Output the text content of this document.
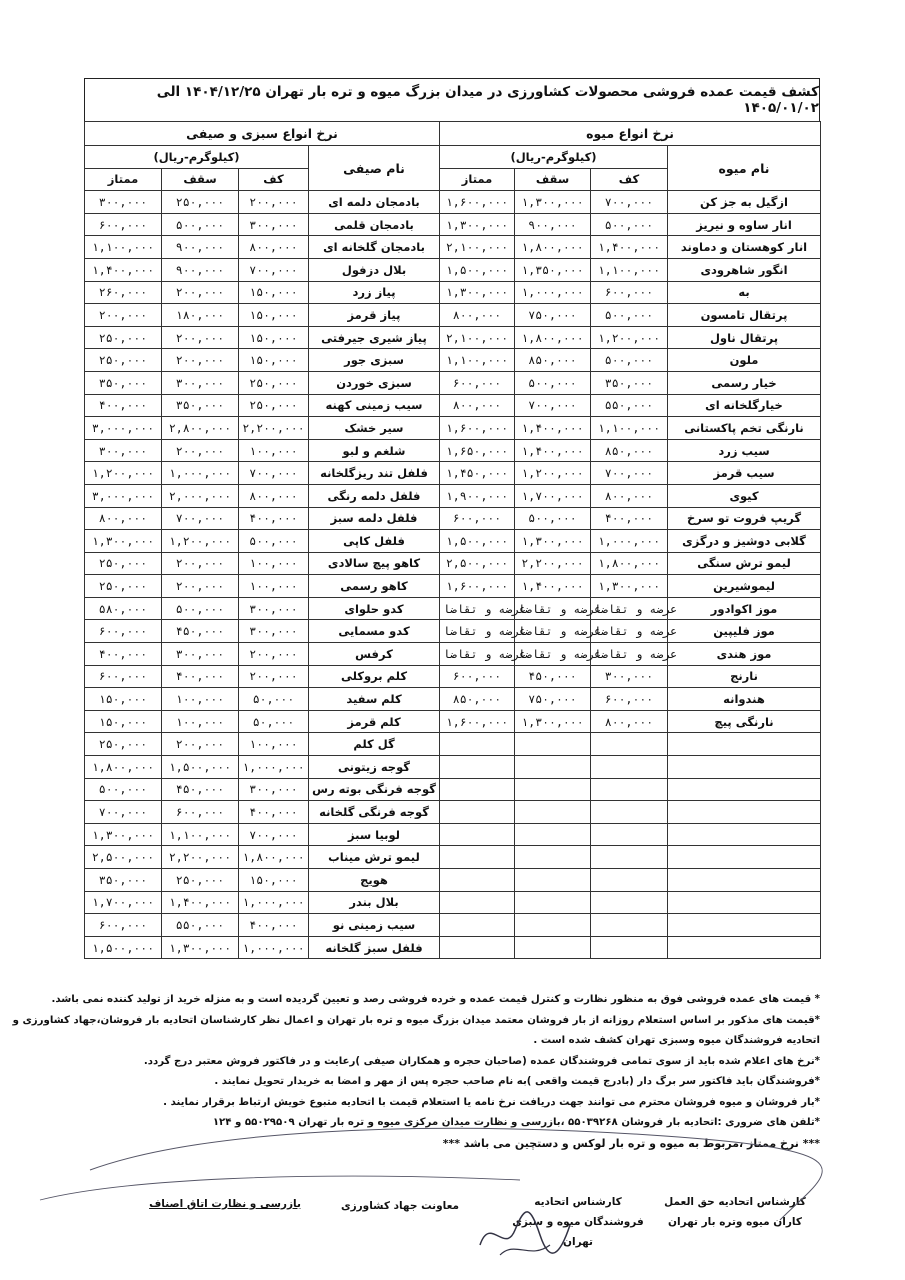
کشف قیمت عمده فروشی محصولات کشاورزی در میدان بزرگ میوه و تره بار تهران ۱۴۰۴/۱۲/۲۵ الی ۱۴۰۵/۰۱/۰۲
نرخ انواع سبزی و صیفی				نرخ انواع میوه			
(کیلوگرم-ریال)			نام صیفی	(کیلوگرم-ریال)			نام میوه
ممتاز	سقف	کف		ممتاز	سقف	کف	
۳۰۰,۰۰۰	۲۵۰,۰۰۰	۲۰۰,۰۰۰	بادمجان دلمه ای	۱,۶۰۰,۰۰۰	۱,۳۰۰,۰۰۰	۷۰۰,۰۰۰	ازگیل به جز کن
۶۰۰,۰۰۰	۵۰۰,۰۰۰	۳۰۰,۰۰۰	بادمجان قلمی	۱,۳۰۰,۰۰۰	۹۰۰,۰۰۰	۵۰۰,۰۰۰	انار ساوه و نیریز
۱,۱۰۰,۰۰۰	۹۰۰,۰۰۰	۸۰۰,۰۰۰	بادمجان گلخانه ای	۲,۱۰۰,۰۰۰	۱,۸۰۰,۰۰۰	۱,۴۰۰,۰۰۰	انار کوهستان و دماوند
۱,۴۰۰,۰۰۰	۹۰۰,۰۰۰	۷۰۰,۰۰۰	بلال دزفول	۱,۵۰۰,۰۰۰	۱,۳۵۰,۰۰۰	۱,۱۰۰,۰۰۰	انگور شاهرودی
۲۶۰,۰۰۰	۲۰۰,۰۰۰	۱۵۰,۰۰۰	پیاز زرد	۱,۳۰۰,۰۰۰	۱,۰۰۰,۰۰۰	۶۰۰,۰۰۰	به
۲۰۰,۰۰۰	۱۸۰,۰۰۰	۱۵۰,۰۰۰	پیاز قرمز	۸۰۰,۰۰۰	۷۵۰,۰۰۰	۵۰۰,۰۰۰	پرتقال تامسون
۲۵۰,۰۰۰	۲۰۰,۰۰۰	۱۵۰,۰۰۰	پیاز شیری جیرفتی	۲,۱۰۰,۰۰۰	۱,۸۰۰,۰۰۰	۱,۲۰۰,۰۰۰	پرتقال ناول
۲۵۰,۰۰۰	۲۰۰,۰۰۰	۱۵۰,۰۰۰	سبزی جور	۱,۱۰۰,۰۰۰	۸۵۰,۰۰۰	۵۰۰,۰۰۰	ملون
۳۵۰,۰۰۰	۳۰۰,۰۰۰	۲۵۰,۰۰۰	سبزی خوردن	۶۰۰,۰۰۰	۵۰۰,۰۰۰	۳۵۰,۰۰۰	خیار رسمی
۴۰۰,۰۰۰	۳۵۰,۰۰۰	۲۵۰,۰۰۰	سیب زمینی کهنه	۸۰۰,۰۰۰	۷۰۰,۰۰۰	۵۵۰,۰۰۰	خیارگلخانه ای
۳,۰۰۰,۰۰۰	۲,۸۰۰,۰۰۰	۲,۲۰۰,۰۰۰	سیر خشک	۱,۶۰۰,۰۰۰	۱,۴۰۰,۰۰۰	۱,۱۰۰,۰۰۰	نارنگی تخم پاکستانی
۳۰۰,۰۰۰	۲۰۰,۰۰۰	۱۰۰,۰۰۰	شلغم و لبو	۱,۶۵۰,۰۰۰	۱,۴۰۰,۰۰۰	۸۵۰,۰۰۰	سیب زرد
۱,۲۰۰,۰۰۰	۱,۰۰۰,۰۰۰	۷۰۰,۰۰۰	فلفل تند ریزگلخانه	۱,۴۵۰,۰۰۰	۱,۲۰۰,۰۰۰	۷۰۰,۰۰۰	سیب قرمز
۳,۰۰۰,۰۰۰	۲,۰۰۰,۰۰۰	۸۰۰,۰۰۰	فلفل دلمه رنگی	۱,۹۰۰,۰۰۰	۱,۷۰۰,۰۰۰	۸۰۰,۰۰۰	کیوی
۸۰۰,۰۰۰	۷۰۰,۰۰۰	۴۰۰,۰۰۰	فلفل دلمه سبز	۶۰۰,۰۰۰	۵۰۰,۰۰۰	۴۰۰,۰۰۰	گریپ فروت تو سرخ
۱,۳۰۰,۰۰۰	۱,۲۰۰,۰۰۰	۵۰۰,۰۰۰	فلفل کاپی	۱,۵۰۰,۰۰۰	۱,۳۰۰,۰۰۰	۱,۰۰۰,۰۰۰	گلابی دوشیز و درگزی
۲۵۰,۰۰۰	۲۰۰,۰۰۰	۱۰۰,۰۰۰	کاهو پیچ سالادی	۲,۵۰۰,۰۰۰	۲,۲۰۰,۰۰۰	۱,۸۰۰,۰۰۰	لیمو ترش سنگی
۲۵۰,۰۰۰	۲۰۰,۰۰۰	۱۰۰,۰۰۰	کاهو رسمی	۱,۶۰۰,۰۰۰	۱,۴۰۰,۰۰۰	۱,۳۰۰,۰۰۰	لیموشیرین
۵۸۰,۰۰۰	۵۰۰,۰۰۰	۳۰۰,۰۰۰	کدو حلوای	عرضه و تقاضا	عرضه و تقاضا	عرضه و تقاضا	موز اکوادور
۶۰۰,۰۰۰	۴۵۰,۰۰۰	۳۰۰,۰۰۰	کدو مسمایی	عرضه و تقاضا	عرضه و تقاضا	عرضه و تقاضا	موز فلیپین
۴۰۰,۰۰۰	۳۰۰,۰۰۰	۲۰۰,۰۰۰	کرفس	عرضه و تقاضا	عرضه و تقاضا	عرضه و تقاضا	موز هندی
۶۰۰,۰۰۰	۴۰۰,۰۰۰	۲۰۰,۰۰۰	کلم بروکلی	۶۰۰,۰۰۰	۴۵۰,۰۰۰	۳۰۰,۰۰۰	نارنج
۱۵۰,۰۰۰	۱۰۰,۰۰۰	۵۰,۰۰۰	کلم سفید	۸۵۰,۰۰۰	۷۵۰,۰۰۰	۶۰۰,۰۰۰	هندوانه
۱۵۰,۰۰۰	۱۰۰,۰۰۰	۵۰,۰۰۰	کلم قرمز	۱,۶۰۰,۰۰۰	۱,۳۰۰,۰۰۰	۸۰۰,۰۰۰	نارنگی پیچ
۲۵۰,۰۰۰	۲۰۰,۰۰۰	۱۰۰,۰۰۰	گل کلم				
۱,۸۰۰,۰۰۰	۱,۵۰۰,۰۰۰	۱,۰۰۰,۰۰۰	گوجه زیتونی				
۵۰۰,۰۰۰	۴۵۰,۰۰۰	۳۰۰,۰۰۰	گوجه فرنگی بوته رس				
۷۰۰,۰۰۰	۶۰۰,۰۰۰	۴۰۰,۰۰۰	گوجه فرنگی گلخانه				
۱,۳۰۰,۰۰۰	۱,۱۰۰,۰۰۰	۷۰۰,۰۰۰	لوبیا سبز				
۲,۵۰۰,۰۰۰	۲,۲۰۰,۰۰۰	۱,۸۰۰,۰۰۰	لیمو ترش میناب				
۳۵۰,۰۰۰	۲۵۰,۰۰۰	۱۵۰,۰۰۰	هویج				
۱,۷۰۰,۰۰۰	۱,۴۰۰,۰۰۰	۱,۰۰۰,۰۰۰	بلال بندر				
۶۰۰,۰۰۰	۵۵۰,۰۰۰	۴۰۰,۰۰۰	سیب زمینی نو				
۱,۵۰۰,۰۰۰	۱,۳۰۰,۰۰۰	۱,۰۰۰,۰۰۰	فلفل سبز گلخانه				
* قیمت های عمده فروشی فوق به منظور نظارت و کنترل قیمت عمده و خرده فروشی رصد و تعیین گردیده است و به منزله خرید از تولید کننده نمی باشد.
*قیمت های مذکور بر اساس استعلام روزانه از بار فروشان معتمد میدان بزرگ میوه و تره بار تهران و اعمال نظر کارشناسان اتحادیه بار فروشان،جهاد کشاورزی و
اتحادیه فروشندگان میوه وسبزی تهران کشف شده است .
*نرخ های اعلام شده باید از سوی تمامی فروشندگان عمده (صاحبان حجره و همکاران صیفی )رعایت و در فاکتور فروش معتبر درج گردد.
*فروشندگان باید فاکتور سر برگ دار (بادرج قیمت واقعی )به نام صاحب حجره پس از مهر و امضا به خریدار تحویل نمایند .
*بار فروشان و میوه فروشان محترم می توانند جهت دریافت نرخ نامه یا استعلام قیمت با اتحادیه متبوع خویش ارتباط برقرار نمایند .
*تلفن های ضروری :اتحادیه بار فروشان ۵۵۰۳۹۲۶۸ ،بازرسی و نظارت میدان مرکزی میوه و تره بار تهران ۵۵۰۲۹۵۰۹ و ۱۲۴
*** نرخ ممتاز ،مربوط به میوه و تره بار لوکس و دستچین می باشد ***
کارشناس اتحادیه حق العمل کاران میوه وتره بار تهران
کارشناس اتحادیه فروشندگان میوه و سبزی تهران
معاونت جهاد کشاورزی
بازرسی و نظارت اتاق اصناف
